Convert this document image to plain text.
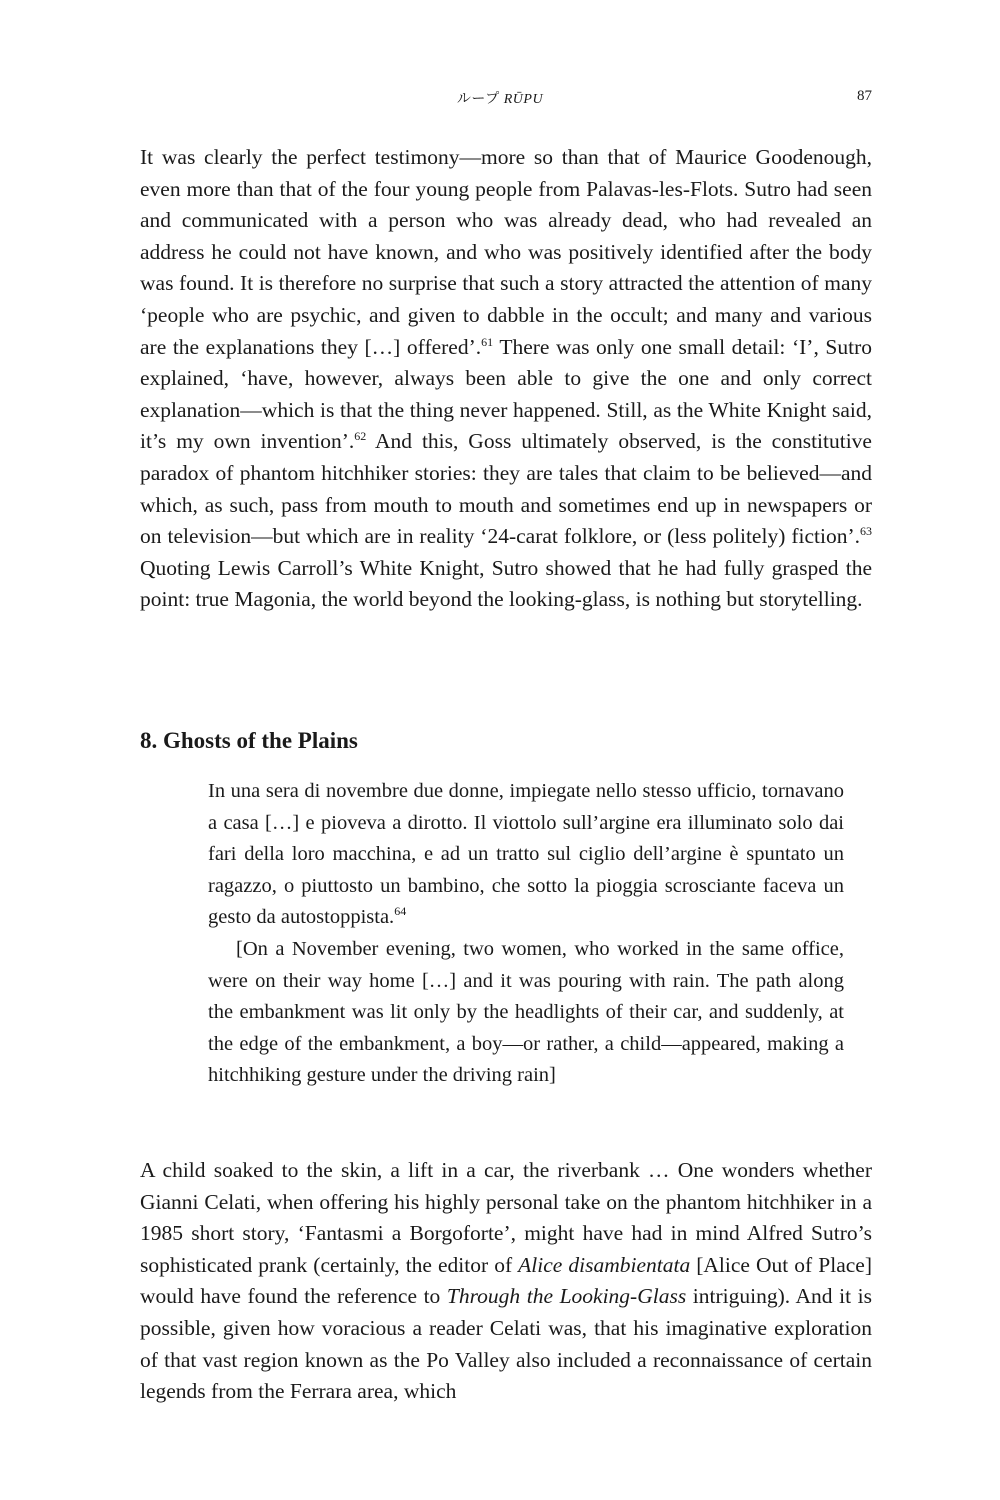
ループ RŪPU	87

It was clearly the perfect testimony—more so than that of Maurice Goodenough, even more than that of the four young people from Palavas-les-Flots. Sutro had seen and communicated with a person who was already dead, who had revealed an address he could not have known, and who was positively identified after the body was found. It is therefore no surprise that such a story attracted the attention of many ‘people who are psychic, and given to dabble in the occult; and many and various are the explanations they […] offered’.$^{61}$ There was only one small detail: ‘I’, Sutro explained, ‘have, however, always been able to give the one and only correct explanation—which is that the thing never happened. Still, as the White Knight said, it’s my own invention’.$^{62}$ And this, Goss ultimately observed, is the constitutive paradox of phantom hitchhiker stories: they are tales that claim to be believed—and which, as such, pass from mouth to mouth and sometimes end up in newspapers or on television—but which are in reality ‘24-carat folklore, or (less politely) fiction’.$^{63}$ Quoting Lewis Carroll’s White Knight, Sutro showed that he had fully grasped the point: true Magonia, the world beyond the looking-glass, is nothing but storytelling.

8. Ghosts of the Plains

In una sera di novembre due donne, impiegate nello stesso ufficio, tornavano a casa […] e pioveva a dirotto. Il viottolo sull’argine era illuminato solo dai fari della loro macchina, e ad un tratto sul ciglio dell’argine è spuntato un ragazzo, o piuttosto un bambino, che sotto la pioggia scrosciante faceva un gesto da autostoppista.$^{64}$

[On a November evening, two women, who worked in the same office, were on their way home […] and it was pouring with rain. The path along the embankment was lit only by the headlights of their car, and suddenly, at the edge of the embankment, a boy—or rather, a child—appeared, making a hitchhiking gesture under the driving rain]

A child soaked to the skin, a lift in a car, the riverbank … One wonders whether Gianni Celati, when offering his highly personal take on the phantom hitchhiker in a 1985 short story, ‘Fantasmi a Borgoforte’, might have had in mind Alfred Sutro’s sophisticated prank (certainly, the editor of Alice disambientata [Alice Out of Place] would have found the reference to Through the Looking-Glass intriguing). And it is possible, given how voracious a reader Celati was, that his imaginative exploration of that vast region known as the Po Valley also included a reconnaissance of certain legends from the Ferrara area, which
